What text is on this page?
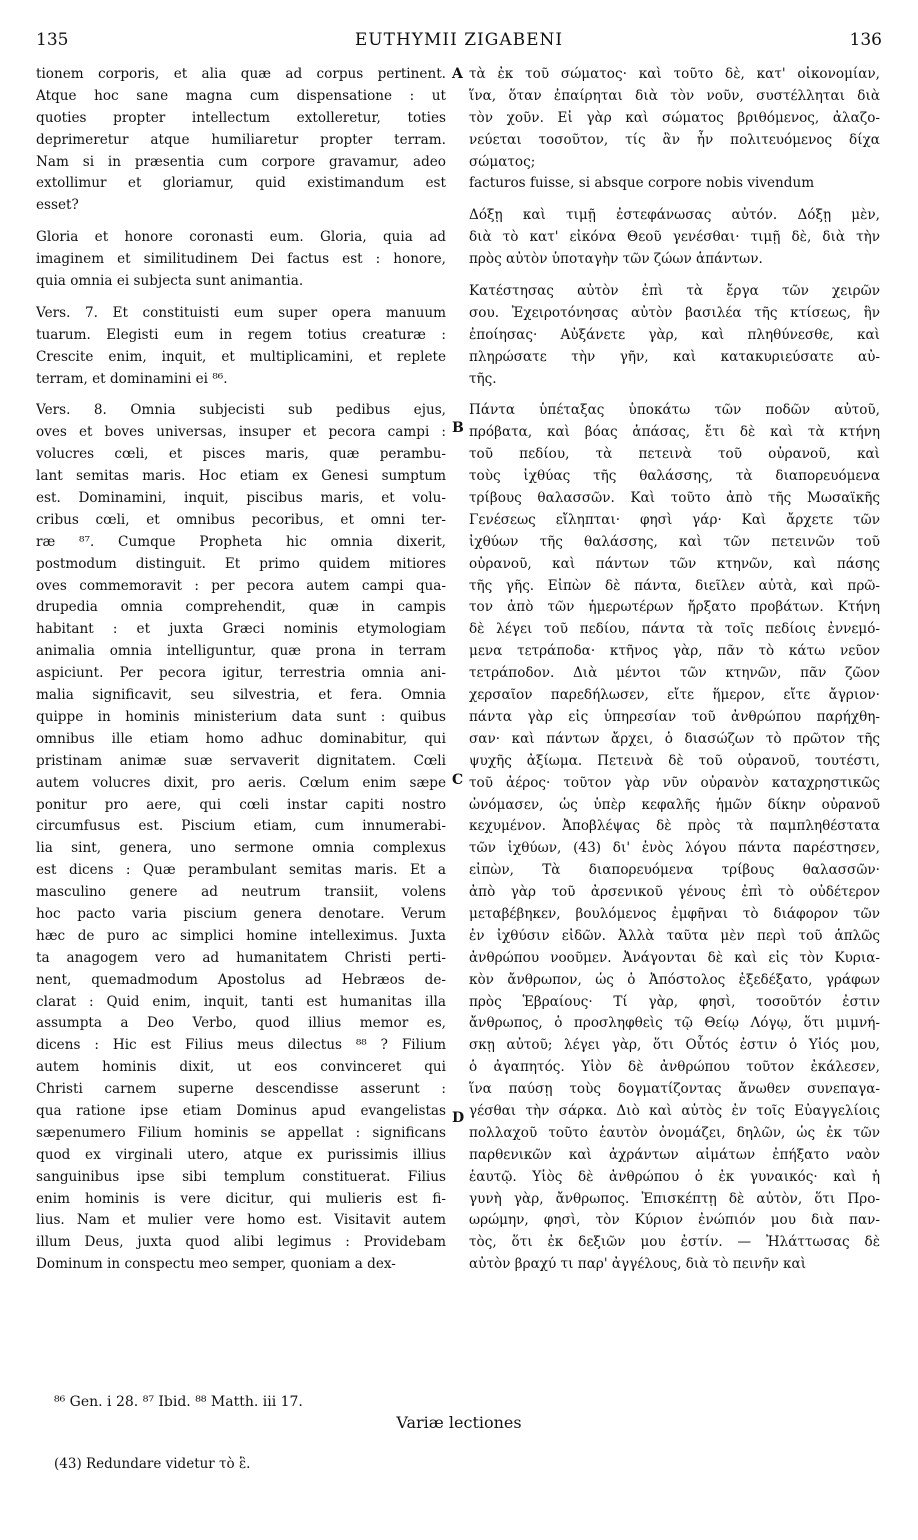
135	EUTHYMII ZIGABENI	136
A
B
C
D
tionem corporis, et alia quæ ad corpus pertinent.
Atque hoc sane magna cum dispensatione : ut
quoties propter intellectum extolleretur, toties
deprimeretur atque humiliaretur propter terram.
Nam si in præsentia cum corpore gravamur, adeo
extollimur et gloriamur, quid existimandum est
esset?
Gloria et honore coronasti eum. Gloria, quia ad
imaginem et similitudinem Dei factus est : honore,
quia omnia ei subjecta sunt animantia.
Vers. 7. Et constituisti eum super opera manuum
tuarum. Elegisti eum in regem totius creaturæ :
Crescite enim, inquit, et multiplicamini, et replete
terram, et dominamini ei ⁸⁶.
Vers. 8. Omnia subjecisti sub pedibus ejus,
oves et boves universas, insuper et pecora campi :
volucres cœli, et pisces maris, quæ perambu-
lant semitas maris. Hoc etiam ex Genesi sumptum
est. Dominamini, inquit, piscibus maris, et volu-
cribus cœli, et omnibus pecoribus, et omni ter-
ræ ⁸⁷. Cumque Propheta hic omnia dixerit,
postmodum distinguit. Et primo quidem mitiores
oves commemoravit : per pecora autem campi qua-
drupedia omnia comprehendit, quæ in campis
habitant : et juxta Græci nominis etymologiam
animalia omnia intelliguntur, quæ prona in terram
aspiciunt. Per pecora igitur, terrestria omnia ani-
malia significavit, seu silvestria, et fera. Omnia
quippe in hominis ministerium data sunt : quibus
omnibus ille etiam homo adhuc dominabitur, qui
pristinam animæ suæ servaverit dignitatem. Cœli
autem volucres dixit, pro aeris. Cœlum enim sæpe
ponitur pro aere, qui cœli instar capiti nostro
circumfusus est. Piscium etiam, cum innumerabi-
lia sint, genera, uno sermone omnia complexus
est dicens : Quæ perambulant semitas maris. Et a
masculino genere ad neutrum transiit, volens
hoc pacto varia piscium genera denotare. Verum
hæc de puro ac simplici homine intelleximus. Juxta
ta anagogem vero ad humanitatem Christi perti-
nent, quemadmodum Apostolus ad Hebræos de-
clarat : Quid enim, inquit, tanti est humanitas illa
assumpta a Deo Verbo, quod illius memor es,
dicens : Hic est Filius meus dilectus ⁸⁸ ? Filium
autem hominis dixit, ut eos convinceret qui
Christi carnem superne descendisse asserunt :
qua ratione ipse etiam Dominus apud evangelistas
sæpenumero Filium hominis se appellat : significans
quod ex virginali utero, atque ex purissimis illius
sanguinibus ipse sibi templum constituerat. Filius
enim hominis is vere dicitur, qui mulieris est fi-
lius. Nam et mulier vere homo est. Visitavit autem
illum Deus, juxta quod alibi legimus : Providebam
Dominum in conspectu meo semper, quoniam a dex-
τὰ ἐκ τοῦ σώματος· καὶ τοῦτο δὲ, κατ' οἰκονομίαν,
ἵνα, ὅταν ἐπαίρηται διὰ τὸν νοῦν, συστέλληται διὰ
τὸν χοῦν. Εἰ γὰρ καὶ σώματος βριθόμενος, ἀλαζο-
νεύεται τοσοῦτον, τίς ἂν ἦν πολιτευόμενος δίχα
σώματος;
facturos fuisse, si absque corpore nobis vivendum
Δόξῃ καὶ τιμῇ ἐστεφάνωσας αὐτόν. Δόξῃ μὲν,
διὰ τὸ κατ' εἰκόνα Θεοῦ γενέσθαι· τιμῇ δὲ, διὰ τὴν
πρὸς αὐτὸν ὑποταγὴν τῶν ζώων ἁπάντων.
Κατέστησας αὐτὸν ἐπὶ τὰ ἔργα τῶν χειρῶν
σου. Ἐχειροτόνησας αὐτὸν βασιλέα τῆς κτίσεως, ἣν
ἐποίησας· Αὐξάνετε γὰρ, καὶ πληθύνεσθε, καὶ
πληρώσατε τὴν γῆν, καὶ κατακυριεύσατε αὐ-
τῆς.
Πάντα ὑπέταξας ὑποκάτω τῶν ποδῶν αὐτοῦ,
πρόβατα, καὶ βόας ἁπάσας, ἔτι δὲ καὶ τὰ κτήνη
τοῦ πεδίου, τὰ πετεινὰ τοῦ οὐρανοῦ, καὶ
τοὺς ἰχθύας τῆς θαλάσσης, τὰ διαπορευόμενα
τρίβους θαλασσῶν. Καὶ τοῦτο ἀπὸ τῆς Μωσαϊκῆς
Γενέσεως εἴληπται· φησὶ γάρ· Καὶ ἄρχετε τῶν
ἰχθύων τῆς θαλάσσης, καὶ τῶν πετεινῶν τοῦ
οὐρανοῦ, καὶ πάντων τῶν κτηνῶν, καὶ πάσης
τῆς γῆς. Εἰπὼν δὲ πάντα, διεῖλεν αὐτὰ, καὶ πρῶ-
τον ἀπὸ τῶν ἡμερωτέρων ἤρξατο προβάτων. Κτήνη
δὲ λέγει τοῦ πεδίου, πάντα τὰ τοῖς πεδίοις ἐννεμό-
μενα τετράποδα· κτῆνος γὰρ, πᾶν τὸ κάτω νεῦον
τετράποδον. Διὰ μέντοι τῶν κτηνῶν, πᾶν ζῶον
χερσαῖον παρεδήλωσεν, εἴτε ἥμερον, εἴτε ἄγριον·
πάντα γὰρ εἰς ὑπηρεσίαν τοῦ ἀνθρώπου παρήχθη-
σαν· καὶ πάντων ἄρχει, ὁ διασώζων τὸ πρῶτον τῆς
ψυχῆς ἀξίωμα. Πετεινὰ δὲ τοῦ οὐρανοῦ, τουτέστι,
τοῦ ἀέρος· τοῦτον γὰρ νῦν οὐρανὸν καταχρηστικῶς
ὠνόμασεν, ὡς ὑπὲρ κεφαλῆς ἡμῶν δίκην οὐρανοῦ
κεχυμένον. Ἀποβλέψας δὲ πρὸς τὰ παμπληθέστατα
τῶν ἰχθύων, (43) δι' ἑνὸς λόγου πάντα παρέστησεν,
εἰπὼν, Τὰ διαπορευόμενα τρίβους θαλασσῶν·
ἀπὸ γὰρ τοῦ ἀρσενικοῦ γένους ἐπὶ τὸ οὐδέτερον
μεταβέβηκεν, βουλόμενος ἐμφῆναι τὸ διάφορον τῶν
ἐν ἰχθύσιν εἰδῶν. Ἀλλὰ ταῦτα μὲν περὶ τοῦ ἁπλῶς
ἀνθρώπου νοοῦμεν. Ἀνάγονται δὲ καὶ εἰς τὸν Κυρια-
κὸν ἄνθρωπον, ὡς ὁ Ἀπόστολος ἐξεδέξατο, γράφων
πρὸς Ἑβραίους· Τί γὰρ, φησὶ, τοσοῦτόν ἐστιν
ἄνθρωπος, ὁ προσληφθεὶς τῷ Θείῳ Λόγῳ, ὅτι μιμνή-
σκῃ αὐτοῦ; λέγει γὰρ, ὅτι Οὗτός ἐστιν ὁ Υἱός μου,
ὁ ἀγαπητός. Υἱὸν δὲ ἀνθρώπου τοῦτον ἐκάλεσεν,
ἵνα παύσῃ τοὺς δογματίζοντας ἄνωθεν συνεπαγα-
γέσθαι τὴν σάρκα. Διὸ καὶ αὐτὸς ἐν τοῖς Εὐαγγελίοις
πολλαχοῦ τοῦτο ἑαυτὸν ὀνομάζει, δηλῶν, ὡς ἐκ τῶν
παρθενικῶν καὶ ἀχράντων αἱμάτων ἐπήξατο ναὸν
ἑαυτῷ. Υἱὸς δὲ ἀνθρώπου ὁ ἐκ γυναικός· καὶ ἡ
γυνὴ γὰρ, ἄνθρωπος. Ἐπισκέπτῃ δὲ αὐτὸν, ὅτι Προ-
ωρώμην, φησὶ, τὸν Κύριον ἐνώπιόν μου διὰ παν-
τὸς, ὅτι ἐκ δεξιῶν μου ἐστίν. — Ἠλάττωσας δὲ
αὐτὸν βραχύ τι παρ' ἀγγέλους, διὰ τὸ πεινῆν καὶ
⁸⁶ Gen. i 28. ⁸⁷ Ibid. ⁸⁸ Matth. iii 17.
Variæ lectiones
(43) Redundare videtur τὸ ἓ.
